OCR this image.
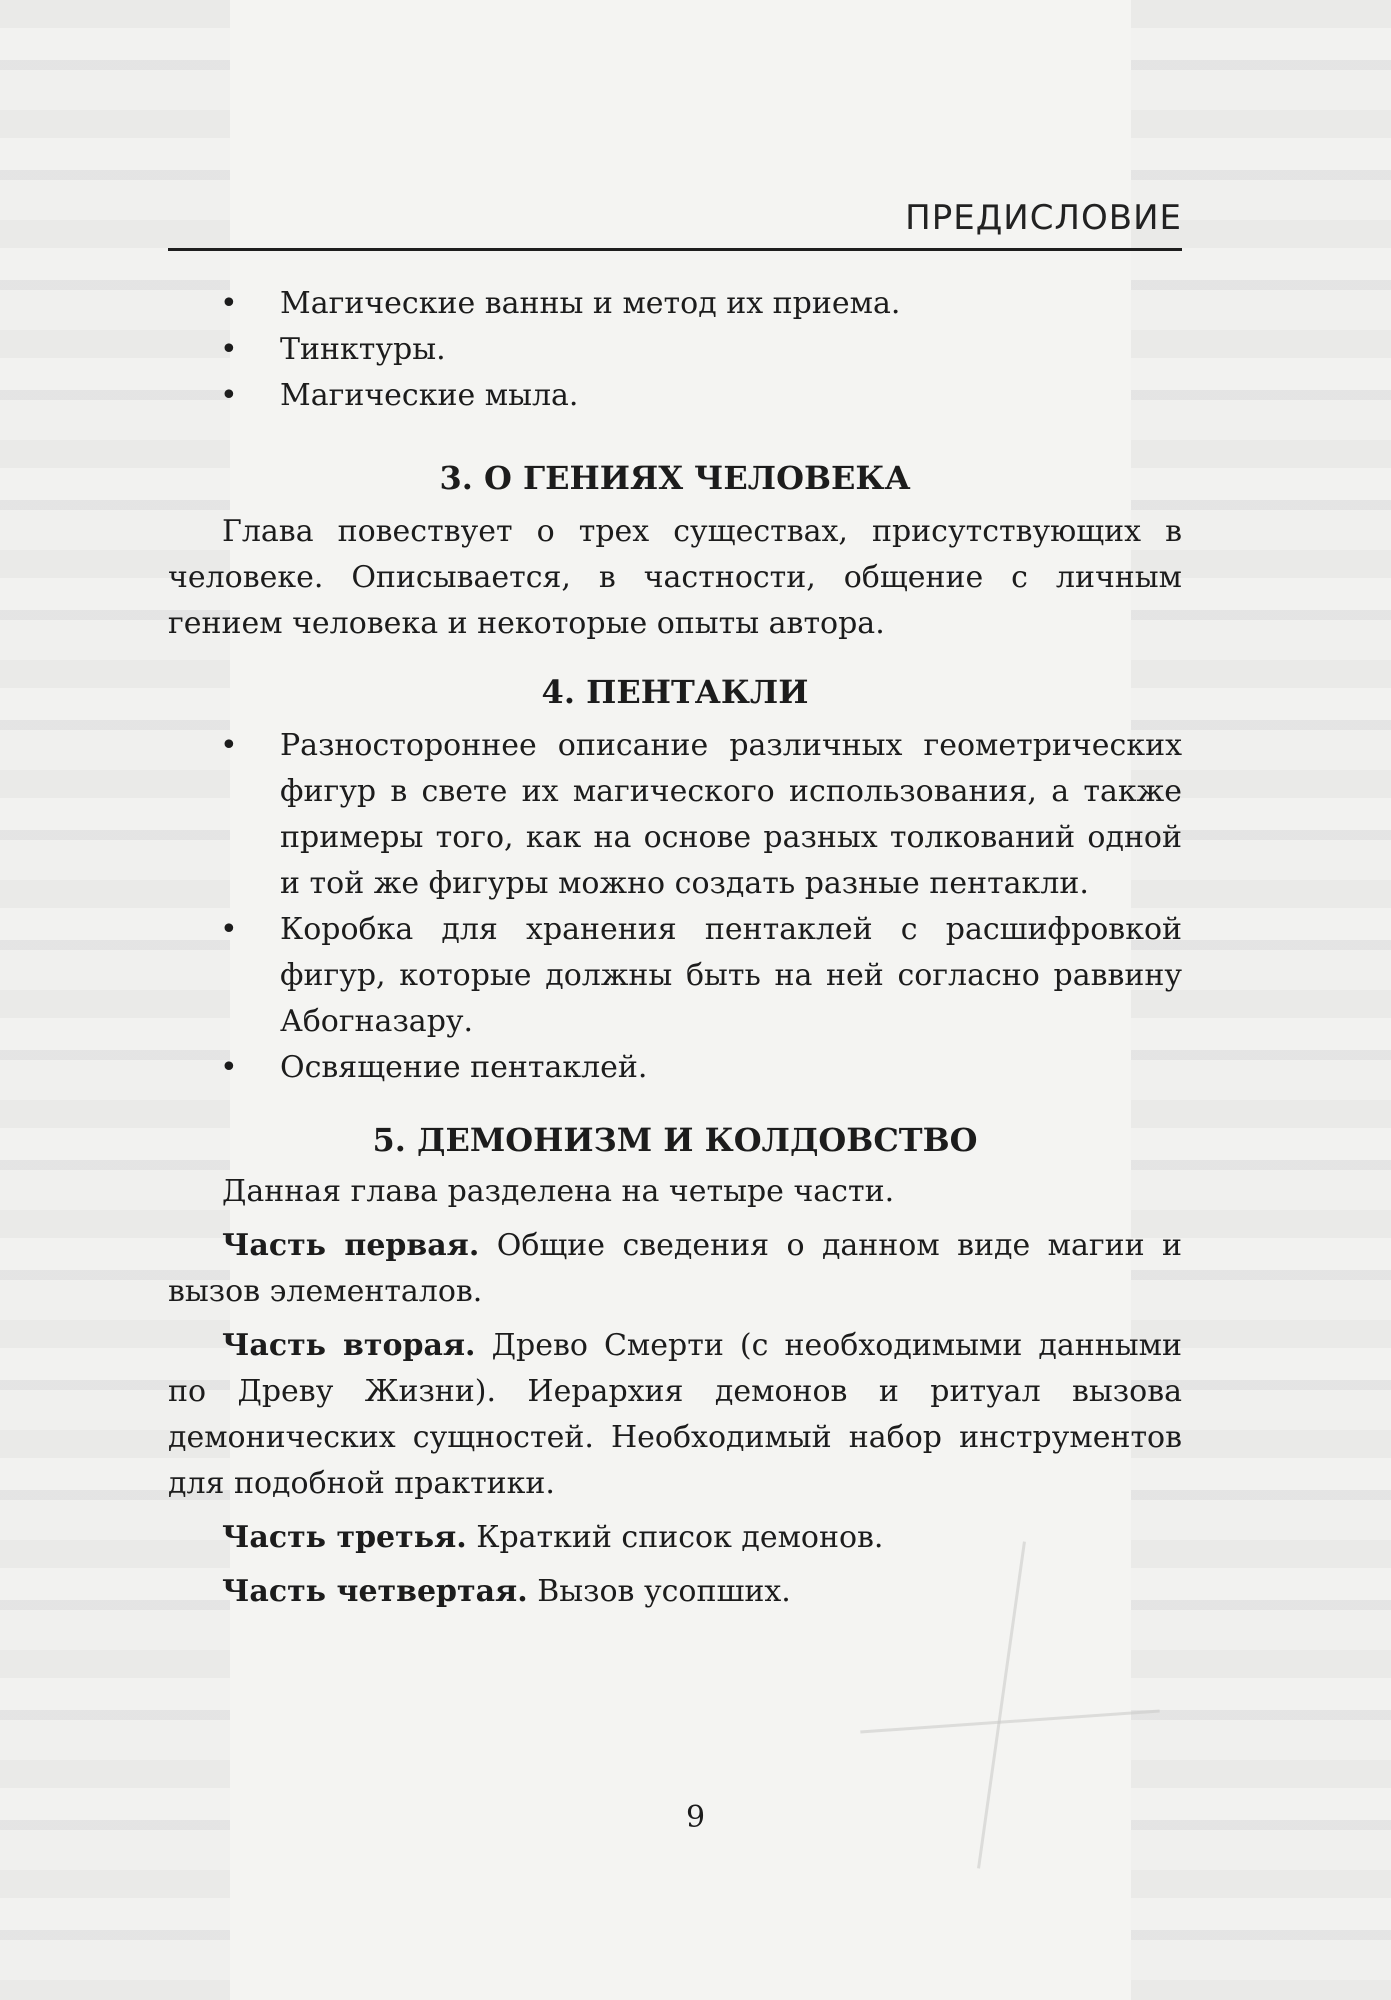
ПРЕДИСЛОВИЕ
• Магические ванны и метод их приема.
• Тинктуры.
• Магические мыла.
3. О ГЕНИЯХ ЧЕЛОВЕКА

Глава повествует о трех существах, присутствующих в человеке. Описывается, в частности, общение с личным гением человека и некоторые опыты автора.

4. ПЕНТАКЛИ
• Разностороннее описание различных геометрических фигур в свете их магического использования, а также примеры того, как на основе разных толкований одной и той же фигуры можно создать разные пентакли.
• Коробка для хранения пентаклей с расшифровкой фигур, которые должны быть на ней согласно раввину Абогназару.
• Освящение пентаклей.
5. ДЕМОНИЗМ И КОЛДОВСТВО

Данная глава разделена на четыре части.

Часть первая. Общие сведения о данном виде магии и вызов элементалов.

Часть вторая. Древо Смерти (с необходимыми данными по Древу Жизни). Иерархия демонов и ритуал вызова демонических сущностей. Необходимый набор инструментов для подобной практики.

Часть третья. Краткий список демонов.

Часть четвертая. Вызов усопших.

9
